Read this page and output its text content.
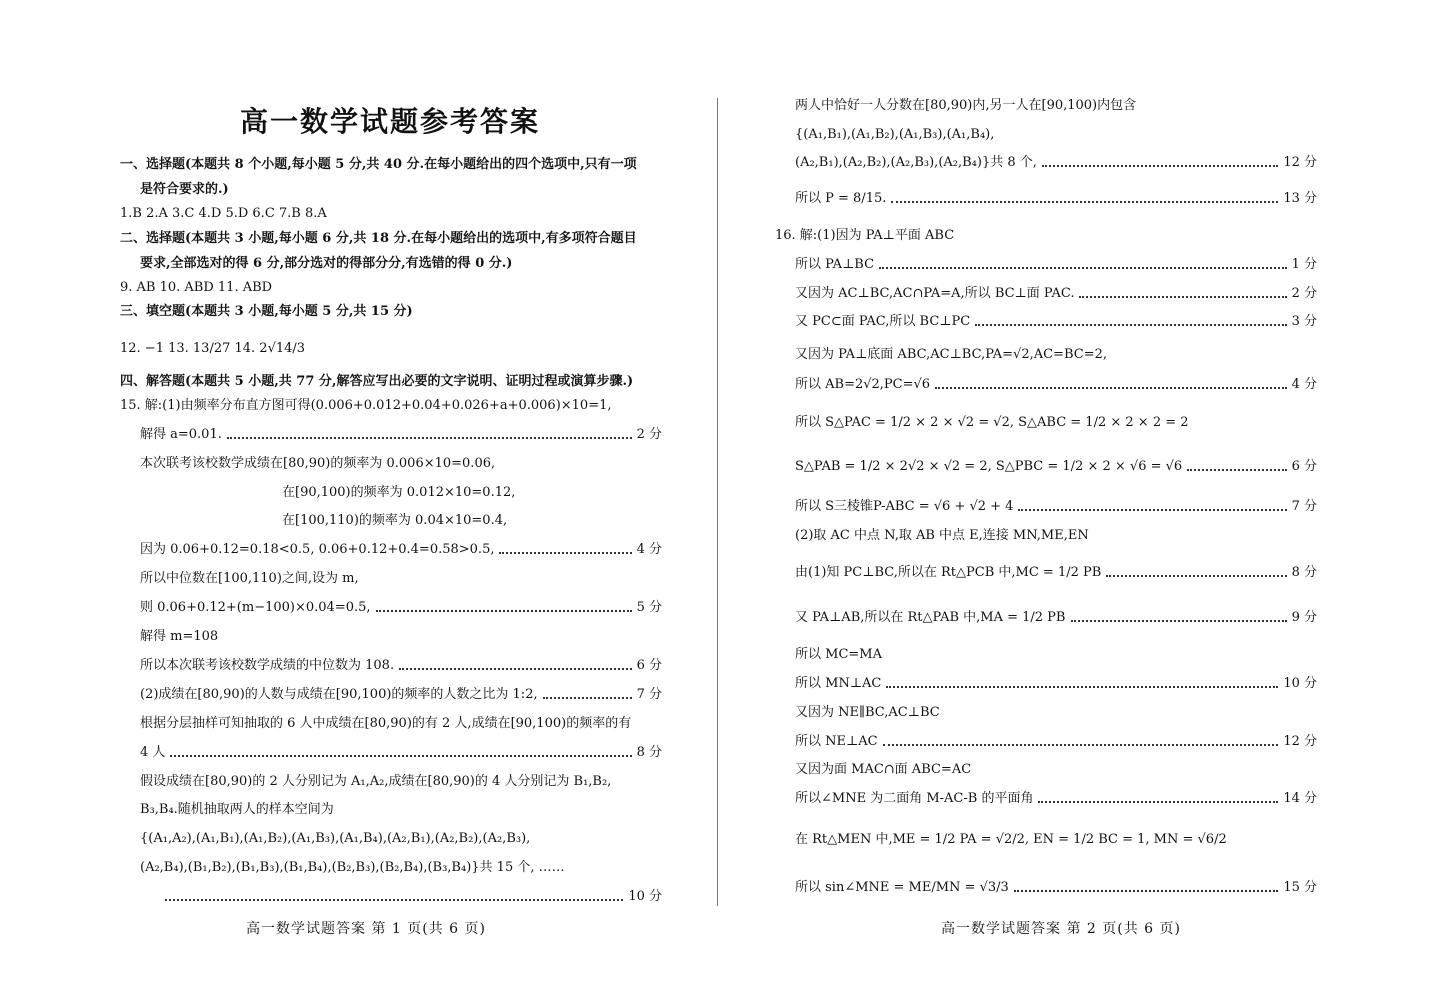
高一数学试题参考答案
一、选择题(本题共 8 个小题,每小题 5 分,共 40 分.在每小题给出的四个选项中,只有一项
是符合要求的.)
1.B 2.A 3.C 4.D 5.D 6.C 7.B 8.A
二、选择题(本题共 3 小题,每小题 6 分,共 18 分.在每小题给出的选项中,有多项符合题目
要求,全部选对的得 6 分,部分选对的得部分分,有选错的得 0 分.)
9. AB 10. ABD 11. ABD
三、填空题(本题共 3 小题,每小题 5 分,共 15 分)
12. −1 13. 13/27 14. 2√14/3
四、解答题(本题共 5 小题,共 77 分,解答应写出必要的文字说明、证明过程或演算步骤.)
15. 解:(1)由频率分布直方图可得(0.006+0.012+0.04+0.026+a+0.006)×10=1,
解得 a=0.01.	2 分
本次联考该校数学成绩在[80,90)的频率为 0.006×10=0.06,
在[90,100)的频率为 0.012×10=0.12,
在[100,110)的频率为 0.04×10=0.4,
因为 0.06+0.12=0.18<0.5, 0.06+0.12+0.4=0.58>0.5,	4 分
所以中位数在[100,110)之间,设为 m,
则 0.06+0.12+(m−100)×0.04=0.5,	5 分
解得 m=108
所以本次联考该校数学成绩的中位数为 108.	6 分
(2)成绩在[80,90)的人数与成绩在[90,100)的频率的人数之比为 1:2,	7 分
根据分层抽样可知抽取的 6 人中成绩在[80,90)的有 2 人,成绩在[90,100)的频率的有
4 人	8 分
假设成绩在[80,90)的 2 人分别记为 A₁,A₂,成绩在[80,90)的 4 人分别记为 B₁,B₂,
B₃,B₄.随机抽取两人的样本空间为
{(A₁,A₂),(A₁,B₁),(A₁,B₂),(A₁,B₃),(A₁,B₄),(A₂,B₁),(A₂,B₂),(A₂,B₃),
(A₂,B₄),(B₁,B₂),(B₁,B₃),(B₁,B₄),(B₂,B₃),(B₂,B₄),(B₃,B₄)}共 15 个, ……
10 分
高一数学试题答案 第 1 页(共 6 页)
两人中恰好一人分数在[80,90)内,另一人在[90,100)内包含
{(A₁,B₁),(A₁,B₂),(A₁,B₃),(A₁,B₄),
(A₂,B₁),(A₂,B₂),(A₂,B₃),(A₂,B₄)}共 8 个,	12 分
所以 P = 8/15.	13 分
16. 解:(1)因为 PA⊥平面 ABC
所以 PA⊥BC	1 分
又因为 AC⊥BC,AC∩PA=A,所以 BC⊥面 PAC.	2 分
又 PC⊂面 PAC,所以 BC⊥PC	3 分
又因为 PA⊥底面 ABC,AC⊥BC,PA=√2,AC=BC=2,
所以 AB=2√2,PC=√6	4 分
所以 S△PAC = 1/2 × 2 × √2 = √2, S△ABC = 1/2 × 2 × 2 = 2
S△PAB = 1/2 × 2√2 × √2 = 2, S△PBC = 1/2 × 2 × √6 = √6	6 分
所以 S三棱锥P-ABC = √6 + √2 + 4	7 分
(2)取 AC 中点 N,取 AB 中点 E,连接 MN,ME,EN
由(1)知 PC⊥BC,所以在 Rt△PCB 中,MC = 1/2 PB	8 分
又 PA⊥AB,所以在 Rt△PAB 中,MA = 1/2 PB	9 分
所以 MC=MA
所以 MN⊥AC	10 分
又因为 NE∥BC,AC⊥BC
所以 NE⊥AC	12 分
又因为面 MAC∩面 ABC=AC
所以∠MNE 为二面角 M-AC-B 的平面角	14 分
在 Rt△MEN 中,ME = 1/2 PA = √2/2, EN = 1/2 BC = 1, MN = √6/2
所以 sin∠MNE = ME/MN = √3/3	15 分
高一数学试题答案 第 2 页(共 6 页)
